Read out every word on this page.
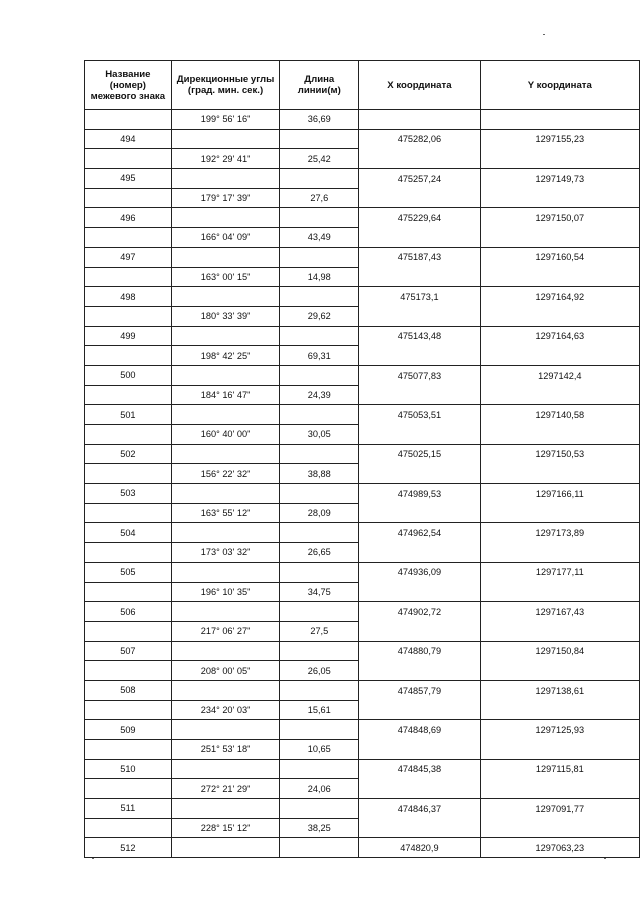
Название (номер) межевого знака	Дирекционные углы (град. мин. сек.)	Длина линии(м)	X координата	Y координата
	199° 56' 16"	36,69		
494			475282,06	1297155,23
	192° 29' 41"	25,42		
495			475257,24	1297149,73
	179° 17' 39"	27,6		
496			475229,64	1297150,07
	166° 04' 09"	43,49		
497			475187,43	1297160,54
	163° 00' 15"	14,98		
498			475173,1	1297164,92
	180° 33' 39"	29,62		
499			475143,48	1297164,63
	198° 42' 25"	69,31		
500			475077,83	1297142,4
	184° 16' 47"	24,39		
501			475053,51	1297140,58
	160° 40' 00"	30,05		
502			475025,15	1297150,53
	156° 22' 32"	38,88		
503			474989,53	1297166,11
	163° 55' 12"	28,09		
504			474962,54	1297173,89
	173° 03' 32"	26,65		
505			474936,09	1297177,11
	196° 10' 35"	34,75		
506			474902,72	1297167,43
	217° 06' 27"	27,5		
507			474880,79	1297150,84
	208° 00' 05"	26,05		
508			474857,79	1297138,61
	234° 20' 03"	15,61		
509			474848,69	1297125,93
	251° 53' 18"	10,65		
510			474845,38	1297115,81
	272° 21' 29"	24,06		
511			474846,37	1297091,77
	228° 15' 12"	38,25		
512			474820,9	1297063,23
